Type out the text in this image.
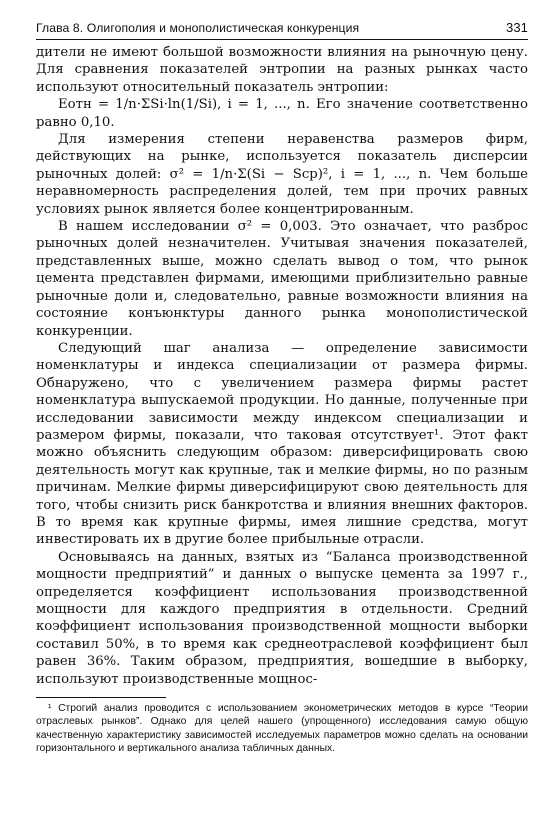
Глава 8. Олигополия и монополистическая конкуренция	331

дители не имеют большой возможности влияния на рыночную цену. Для сравнения показателей энтропии на разных рынках часто используют относительный показатель энтропии:

Eотн = 1/n·ΣSi·ln(1/Si), i = 1, ..., n. Его значение соответственно равно 0,10.

Для измерения степени неравенства размеров фирм, действующих на рынке, используется показатель дисперсии рыночных долей: σ² = 1/n·Σ(Si − Sср)², i = 1, ..., n. Чем больше неравномерность распределения долей, тем при прочих равных условиях рынок является более концентрированным.

В нашем исследовании σ² = 0,003. Это означает, что разброс рыночных долей незначителен. Учитывая значения показателей, представленных выше, можно сделать вывод о том, что рынок цемента представлен фирмами, имеющими приблизительно равные рыночные доли и, следовательно, равные возможности влияния на состояние конъюнктуры данного рынка монополистической конкуренции.

Следующий шаг анализа — определение зависимости номенклатуры и индекса специализации от размера фирмы. Обнаружено, что с увеличением размера фирмы растет номенклатура выпускаемой продукции. Но данные, полученные при исследовании зависимости между индексом специализации и размером фирмы, показали, что таковая отсутствует¹. Этот факт можно объяснить следующим образом: диверсифицировать свою деятельность могут как крупные, так и мелкие фирмы, но по разным причинам. Мелкие фирмы диверсифицируют свою деятельность для того, чтобы снизить риск банкротства и влияния внешних факторов. В то время как крупные фирмы, имея лишние средства, могут инвестировать их в другие более прибыльные отрасли.

Основываясь на данных, взятых из “Баланса производственной мощности предприятий” и данных о выпуске цемента за 1997 г., определяется коэффициент использования производственной мощности для каждого предприятия в отдельности. Средний коэффициент использования производственной мощности выборки составил 50%, в то время как среднеотраслевой коэффициент был равен 36%. Таким образом, предприятия, вошедшие в выборку, используют производственные мощнос-

¹ Строгий анализ проводится с использованием эконометрических методов в курсе “Теории отраслевых рынков”. Однако для целей нашего (упрощенного) исследования самую общую качественную характеристику зависимостей исследуемых параметров можно сделать на основании горизонтального и вертикального анализа табличных данных.
